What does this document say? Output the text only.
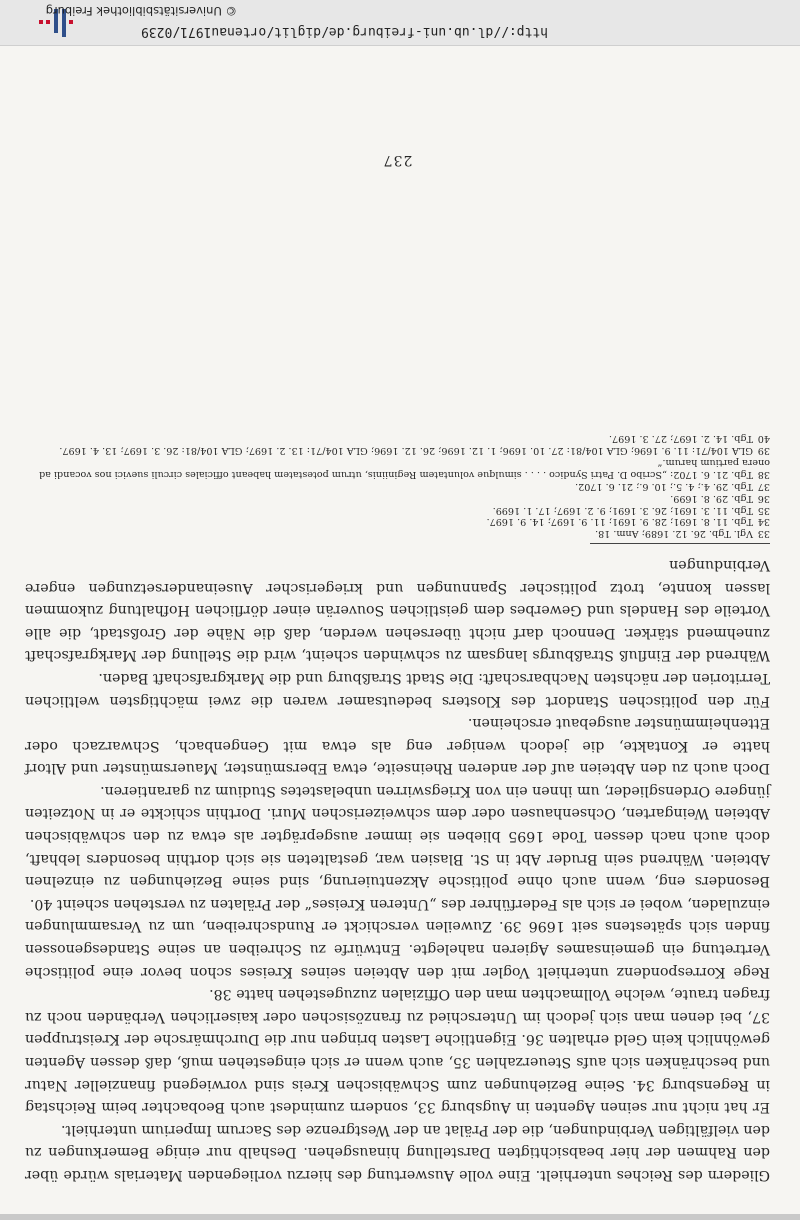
Gliedern des Reiches unterhielt. Eine volle Auswertung des hierzu vorliegenden Materials würde über den Rahmen der hier beabsichtigten Darstellung hinausgehen. Deshalb nur einige Bemerkungen zu den vielfältigen Verbindungen, die der Prälat an der Westgrenze des Sacrum Imperium unterhielt.

Er hat nicht nur seinen Agenten in Augsburg 33, sondern zumindest auch Beobachter beim Reichstag in Regensburg 34. Seine Beziehungen zum Schwäbischen Kreis sind vorwiegend finanzieller Natur und beschränken sich aufs Steuerzahlen 35, auch wenn er sich eingestehen muß, daß dessen Agenten gewöhnlich kein Geld erhalten 36. Eigentliche Lasten bringen nur die Durchmärsche der Kreistruppen 37, bei denen man sich jedoch im Unterschied zu französischen oder kaiserlichen Verbänden noch zu fragen traute, welche Vollmachten man den Offizialen zuzugestehen hatte 38.

Rege Korrespondenz unterhielt Vogler mit den Abteien seines Kreises schon bevor eine politische Vertretung ein gemeinsames Agieren nahelegte. Entwürfe zu Schreiben an seine Standesgenossen finden sich spätestens seit 1696 39. Zuweilen verschickt er Rundschreiben, um zu Versammlungen einzuladen, wobei er sich als Federführer des „Unteren Kreises“ der Prälaten zu verstehen scheint 40.

Besonders eng, wenn auch ohne politische Akzentuierung, sind seine Beziehungen zu einzelnen Abteien. Während sein Bruder Abt in St. Blasien war, gestalteten sie sich dorthin besonders lebhaft, doch auch nach dessen Tode 1695 blieben sie immer ausgeprägter als etwa zu den schwäbischen Abteien Weingarten, Ochsenhausen oder dem schweizerischen Muri. Dorthin schickte er in Notzeiten jüngere Ordensglieder, um ihnen ein von Kriegswirren unbelastetes Studium zu garantieren.

Doch auch zu den Abteien auf der anderen Rheinseite, etwa Ebersmünster, Mauersmünster und Altorf hatte er Kontakte, die jedoch weniger eng als etwa mit Gengenbach, Schwarzach oder Ettenheimmünster ausgebaut erscheinen.

Für den politischen Standort des Klosters bedeutsamer waren die zwei mächtigsten weltlichen Territorien der nächsten Nachbarschaft: Die Stadt Straßburg und die Markgrafschaft Baden.

Während der Einfluß Straßburgs langsam zu schwinden scheint, wird die Stellung der Markgrafschaft zunehmend stärker. Dennoch darf nicht übersehen werden, daß die Nähe der Großstadt, die alle Vorteile des Handels und Gewerbes dem geistlichen Souverän einer dörflichen Hofhaltung zukommen lassen konnte, trotz politischer Spannungen und kriegerischer Auseinandersetzungen engere Verbindungen

33 Vgl. Tgb. 26. 12. 1689; Anm. 18.

34 Tgb. 11. 8. 1691; 28. 9. 1691; 11. 9. 1697; 14. 9. 1697.

35 Tgb. 11. 3. 1691; 26. 3. 1691; 9. 2. 1697; 17. 1. 1699.

36 Tgb. 29. 8. 1699.

37 Tgb. 29. 4.; 4. 5.; 10. 6.; 21. 6. 1702.

38 Tgb. 21. 6. 1702: „Scribo D. Patri Syndico . . . . simulque voluntatem Reginiinis, utrum potestatem habeant officiales circuli suevici nos vocandi ad onera partium harum.“

39 GLA 104/71: 11. 9. 1696; GLA 104/81: 27. 10. 1696; 1. 12. 1696; 26. 12. 1696; GLA 104/71: 13. 2. 1697; GLA 104/81: 26. 3. 1697; 13. 4. 1697.

40 Tgb. 14. 2. 1697; 27. 3. 1697.

237
http://dl.ub.uni-freiburg.de/diglit/ortenau1971/0239
© Universitätsbibliothek Freiburg
